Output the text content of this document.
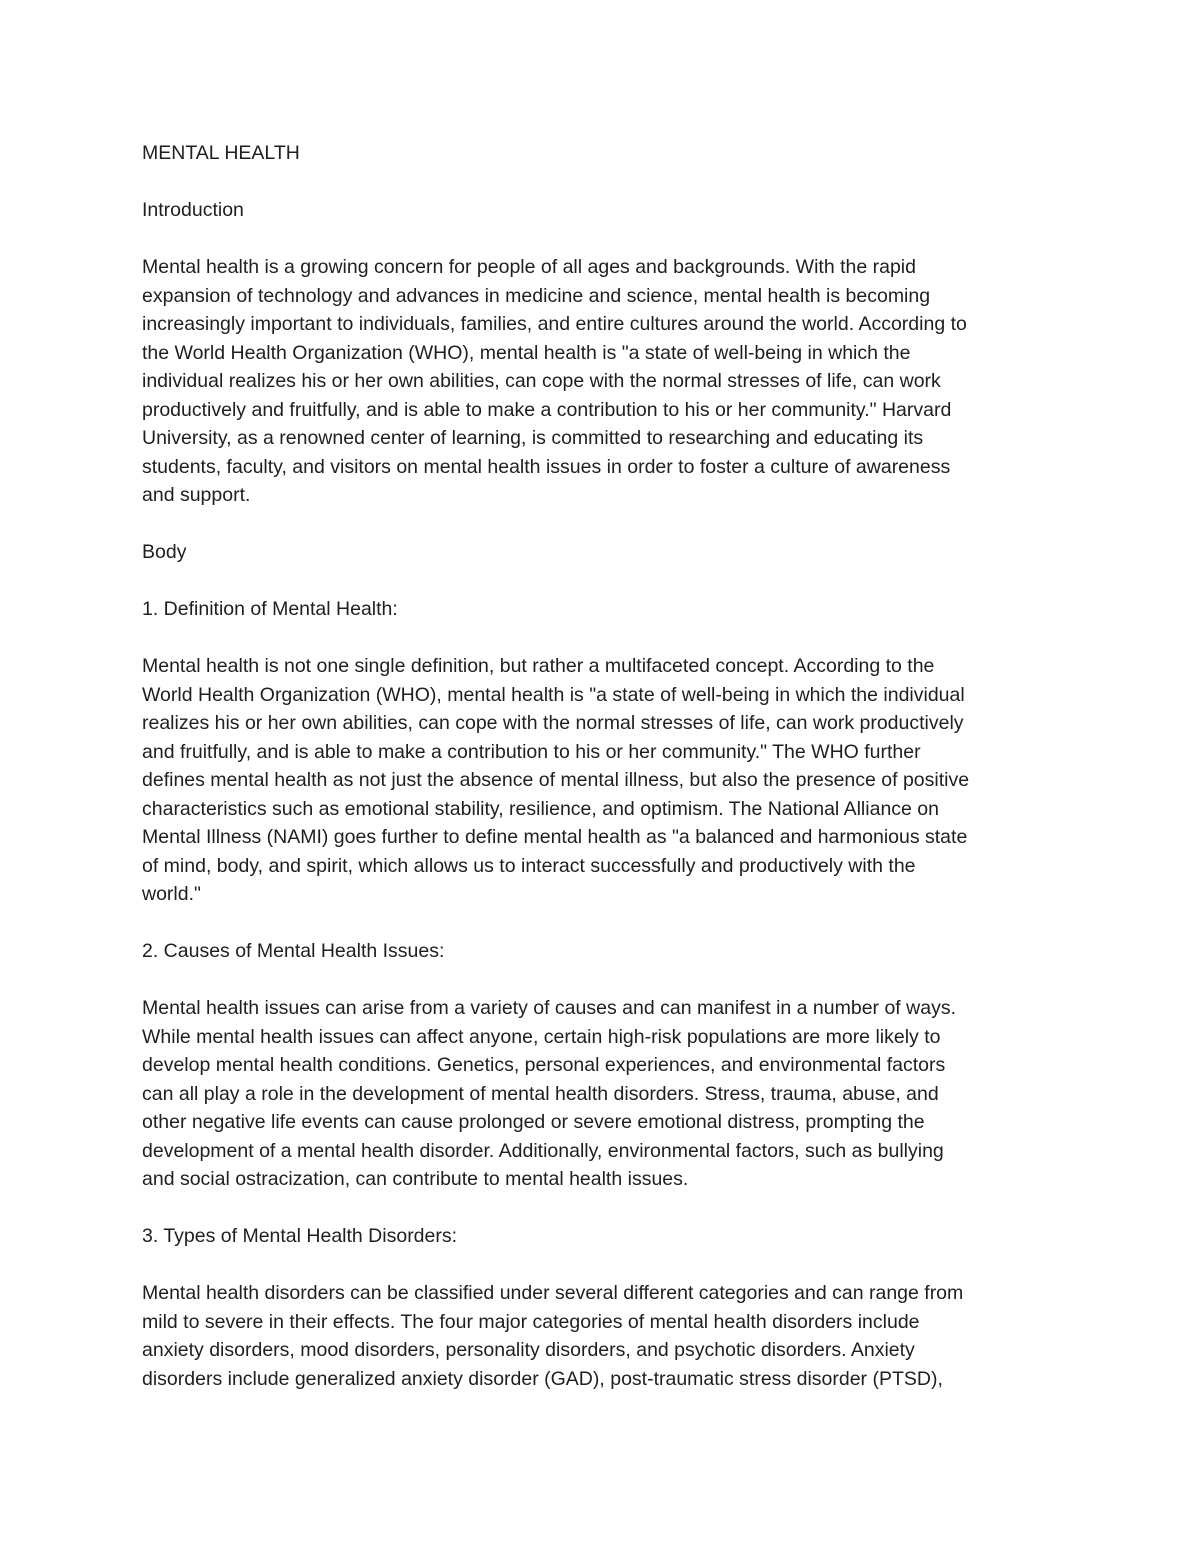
MENTAL HEALTH
Introduction
Mental health is a growing concern for people of all ages and backgrounds. With the rapid
expansion of technology and advances in medicine and science, mental health is becoming
increasingly important to individuals, families, and entire cultures around the world. According to
the World Health Organization (WHO), mental health is "a state of well-being in which the
individual realizes his or her own abilities, can cope with the normal stresses of life, can work
productively and fruitfully, and is able to make a contribution to his or her community." Harvard
University, as a renowned center of learning, is committed to researching and educating its
students, faculty, and visitors on mental health issues in order to foster a culture of awareness
and support.
Body
1. Definition of Mental Health:
Mental health is not one single definition, but rather a multifaceted concept. According to the
World Health Organization (WHO), mental health is "a state of well-being in which the individual
realizes his or her own abilities, can cope with the normal stresses of life, can work productively
and fruitfully, and is able to make a contribution to his or her community." The WHO further
defines mental health as not just the absence of mental illness, but also the presence of positive
characteristics such as emotional stability, resilience, and optimism. The National Alliance on
Mental Illness (NAMI) goes further to define mental health as "a balanced and harmonious state
of mind, body, and spirit, which allows us to interact successfully and productively with the
world."
2. Causes of Mental Health Issues:
Mental health issues can arise from a variety of causes and can manifest in a number of ways.
While mental health issues can affect anyone, certain high-risk populations are more likely to
develop mental health conditions. Genetics, personal experiences, and environmental factors
can all play a role in the development of mental health disorders. Stress, trauma, abuse, and
other negative life events can cause prolonged or severe emotional distress, prompting the
development of a mental health disorder. Additionally, environmental factors, such as bullying
and social ostracization, can contribute to mental health issues.
3. Types of Mental Health Disorders:
Mental health disorders can be classified under several different categories and can range from
mild to severe in their effects. The four major categories of mental health disorders include
anxiety disorders, mood disorders, personality disorders, and psychotic disorders. Anxiety
disorders include generalized anxiety disorder (GAD), post-traumatic stress disorder (PTSD),
